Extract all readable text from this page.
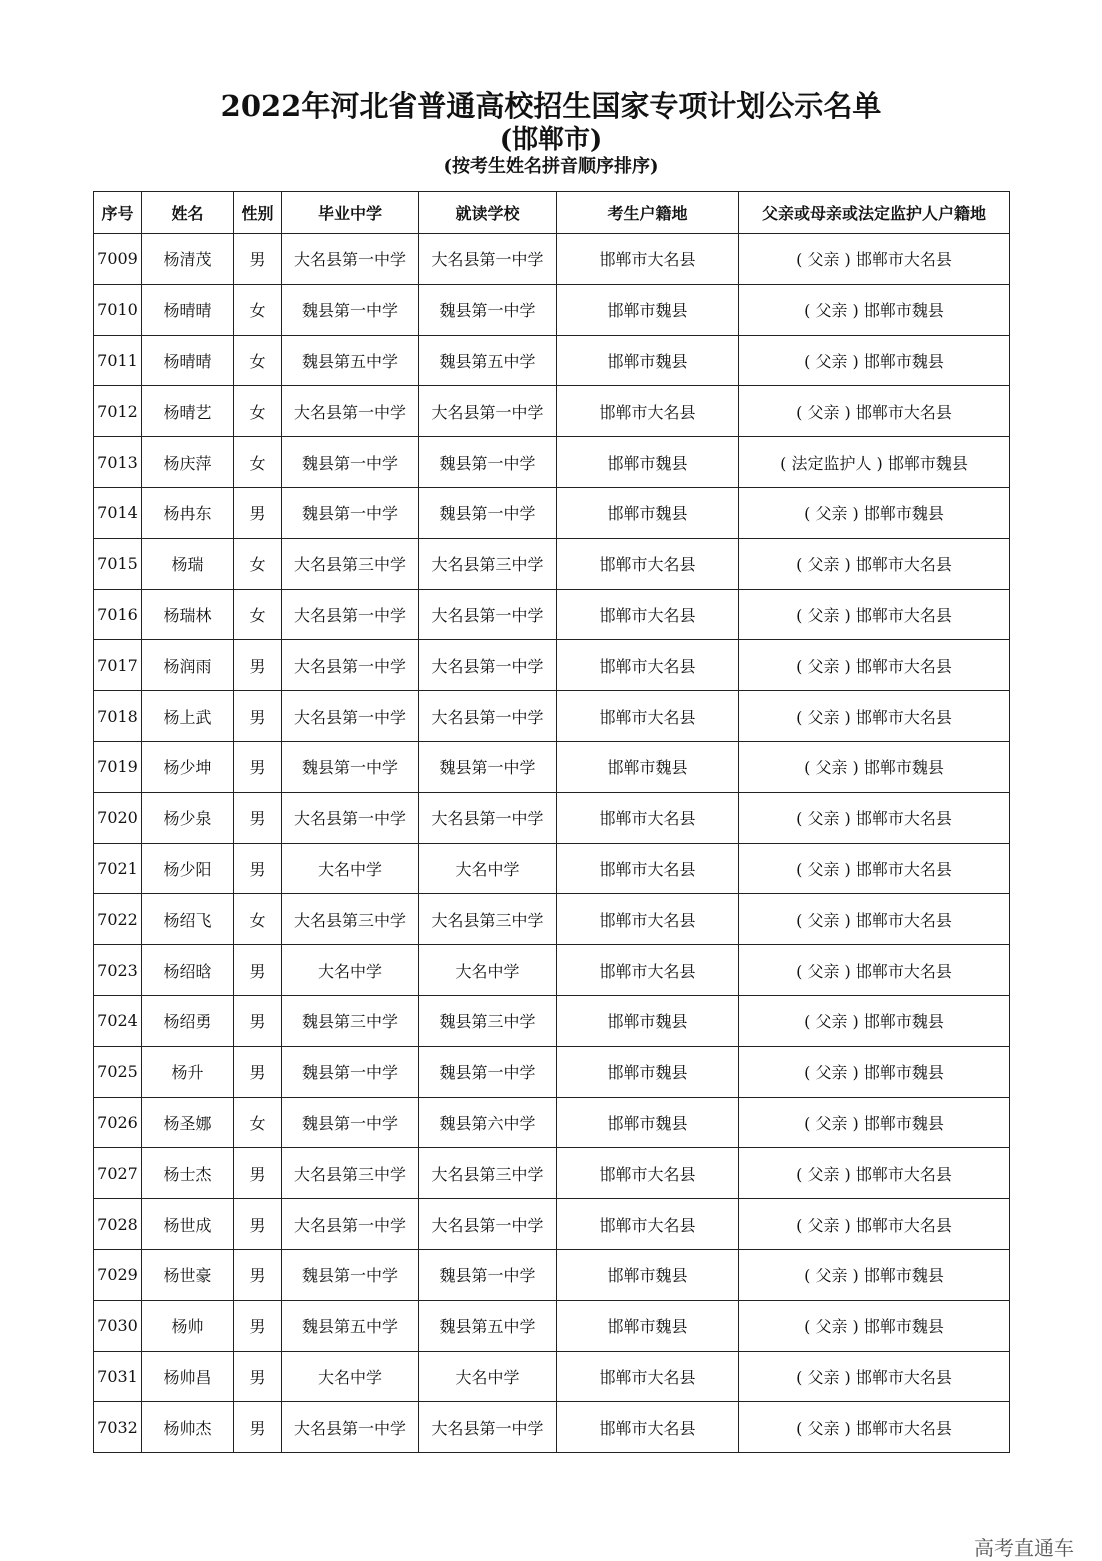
2022年河北省普通高校招生国家专项计划公示名单
(邯郸市)
(按考生姓名拼音顺序排序)
序号	姓名	性别	毕业中学	就读学校	考生户籍地	父亲或母亲或法定监护人户籍地
7009	杨清茂	男	大名县第一中学	大名县第一中学	邯郸市大名县	( 父亲 ) 邯郸市大名县
7010	杨晴晴	女	魏县第一中学	魏县第一中学	邯郸市魏县	( 父亲 ) 邯郸市魏县
7011	杨晴晴	女	魏县第五中学	魏县第五中学	邯郸市魏县	( 父亲 ) 邯郸市魏县
7012	杨晴艺	女	大名县第一中学	大名县第一中学	邯郸市大名县	( 父亲 ) 邯郸市大名县
7013	杨庆萍	女	魏县第一中学	魏县第一中学	邯郸市魏县	( 法定监护人 ) 邯郸市魏县
7014	杨冉东	男	魏县第一中学	魏县第一中学	邯郸市魏县	( 父亲 ) 邯郸市魏县
7015	杨瑞	女	大名县第三中学	大名县第三中学	邯郸市大名县	( 父亲 ) 邯郸市大名县
7016	杨瑞林	女	大名县第一中学	大名县第一中学	邯郸市大名县	( 父亲 ) 邯郸市大名县
7017	杨润雨	男	大名县第一中学	大名县第一中学	邯郸市大名县	( 父亲 ) 邯郸市大名县
7018	杨上武	男	大名县第一中学	大名县第一中学	邯郸市大名县	( 父亲 ) 邯郸市大名县
7019	杨少坤	男	魏县第一中学	魏县第一中学	邯郸市魏县	( 父亲 ) 邯郸市魏县
7020	杨少泉	男	大名县第一中学	大名县第一中学	邯郸市大名县	( 父亲 ) 邯郸市大名县
7021	杨少阳	男	大名中学	大名中学	邯郸市大名县	( 父亲 ) 邯郸市大名县
7022	杨绍飞	女	大名县第三中学	大名县第三中学	邯郸市大名县	( 父亲 ) 邯郸市大名县
7023	杨绍晗	男	大名中学	大名中学	邯郸市大名县	( 父亲 ) 邯郸市大名县
7024	杨绍勇	男	魏县第三中学	魏县第三中学	邯郸市魏县	( 父亲 ) 邯郸市魏县
7025	杨升	男	魏县第一中学	魏县第一中学	邯郸市魏县	( 父亲 ) 邯郸市魏县
7026	杨圣娜	女	魏县第一中学	魏县第六中学	邯郸市魏县	( 父亲 ) 邯郸市魏县
7027	杨士杰	男	大名县第三中学	大名县第三中学	邯郸市大名县	( 父亲 ) 邯郸市大名县
7028	杨世成	男	大名县第一中学	大名县第一中学	邯郸市大名县	( 父亲 ) 邯郸市大名县
7029	杨世豪	男	魏县第一中学	魏县第一中学	邯郸市魏县	( 父亲 ) 邯郸市魏县
7030	杨帅	男	魏县第五中学	魏县第五中学	邯郸市魏县	( 父亲 ) 邯郸市魏县
7031	杨帅昌	男	大名中学	大名中学	邯郸市大名县	( 父亲 ) 邯郸市大名县
7032	杨帅杰	男	大名县第一中学	大名县第一中学	邯郸市大名县	( 父亲 ) 邯郸市大名县
高考直通车
